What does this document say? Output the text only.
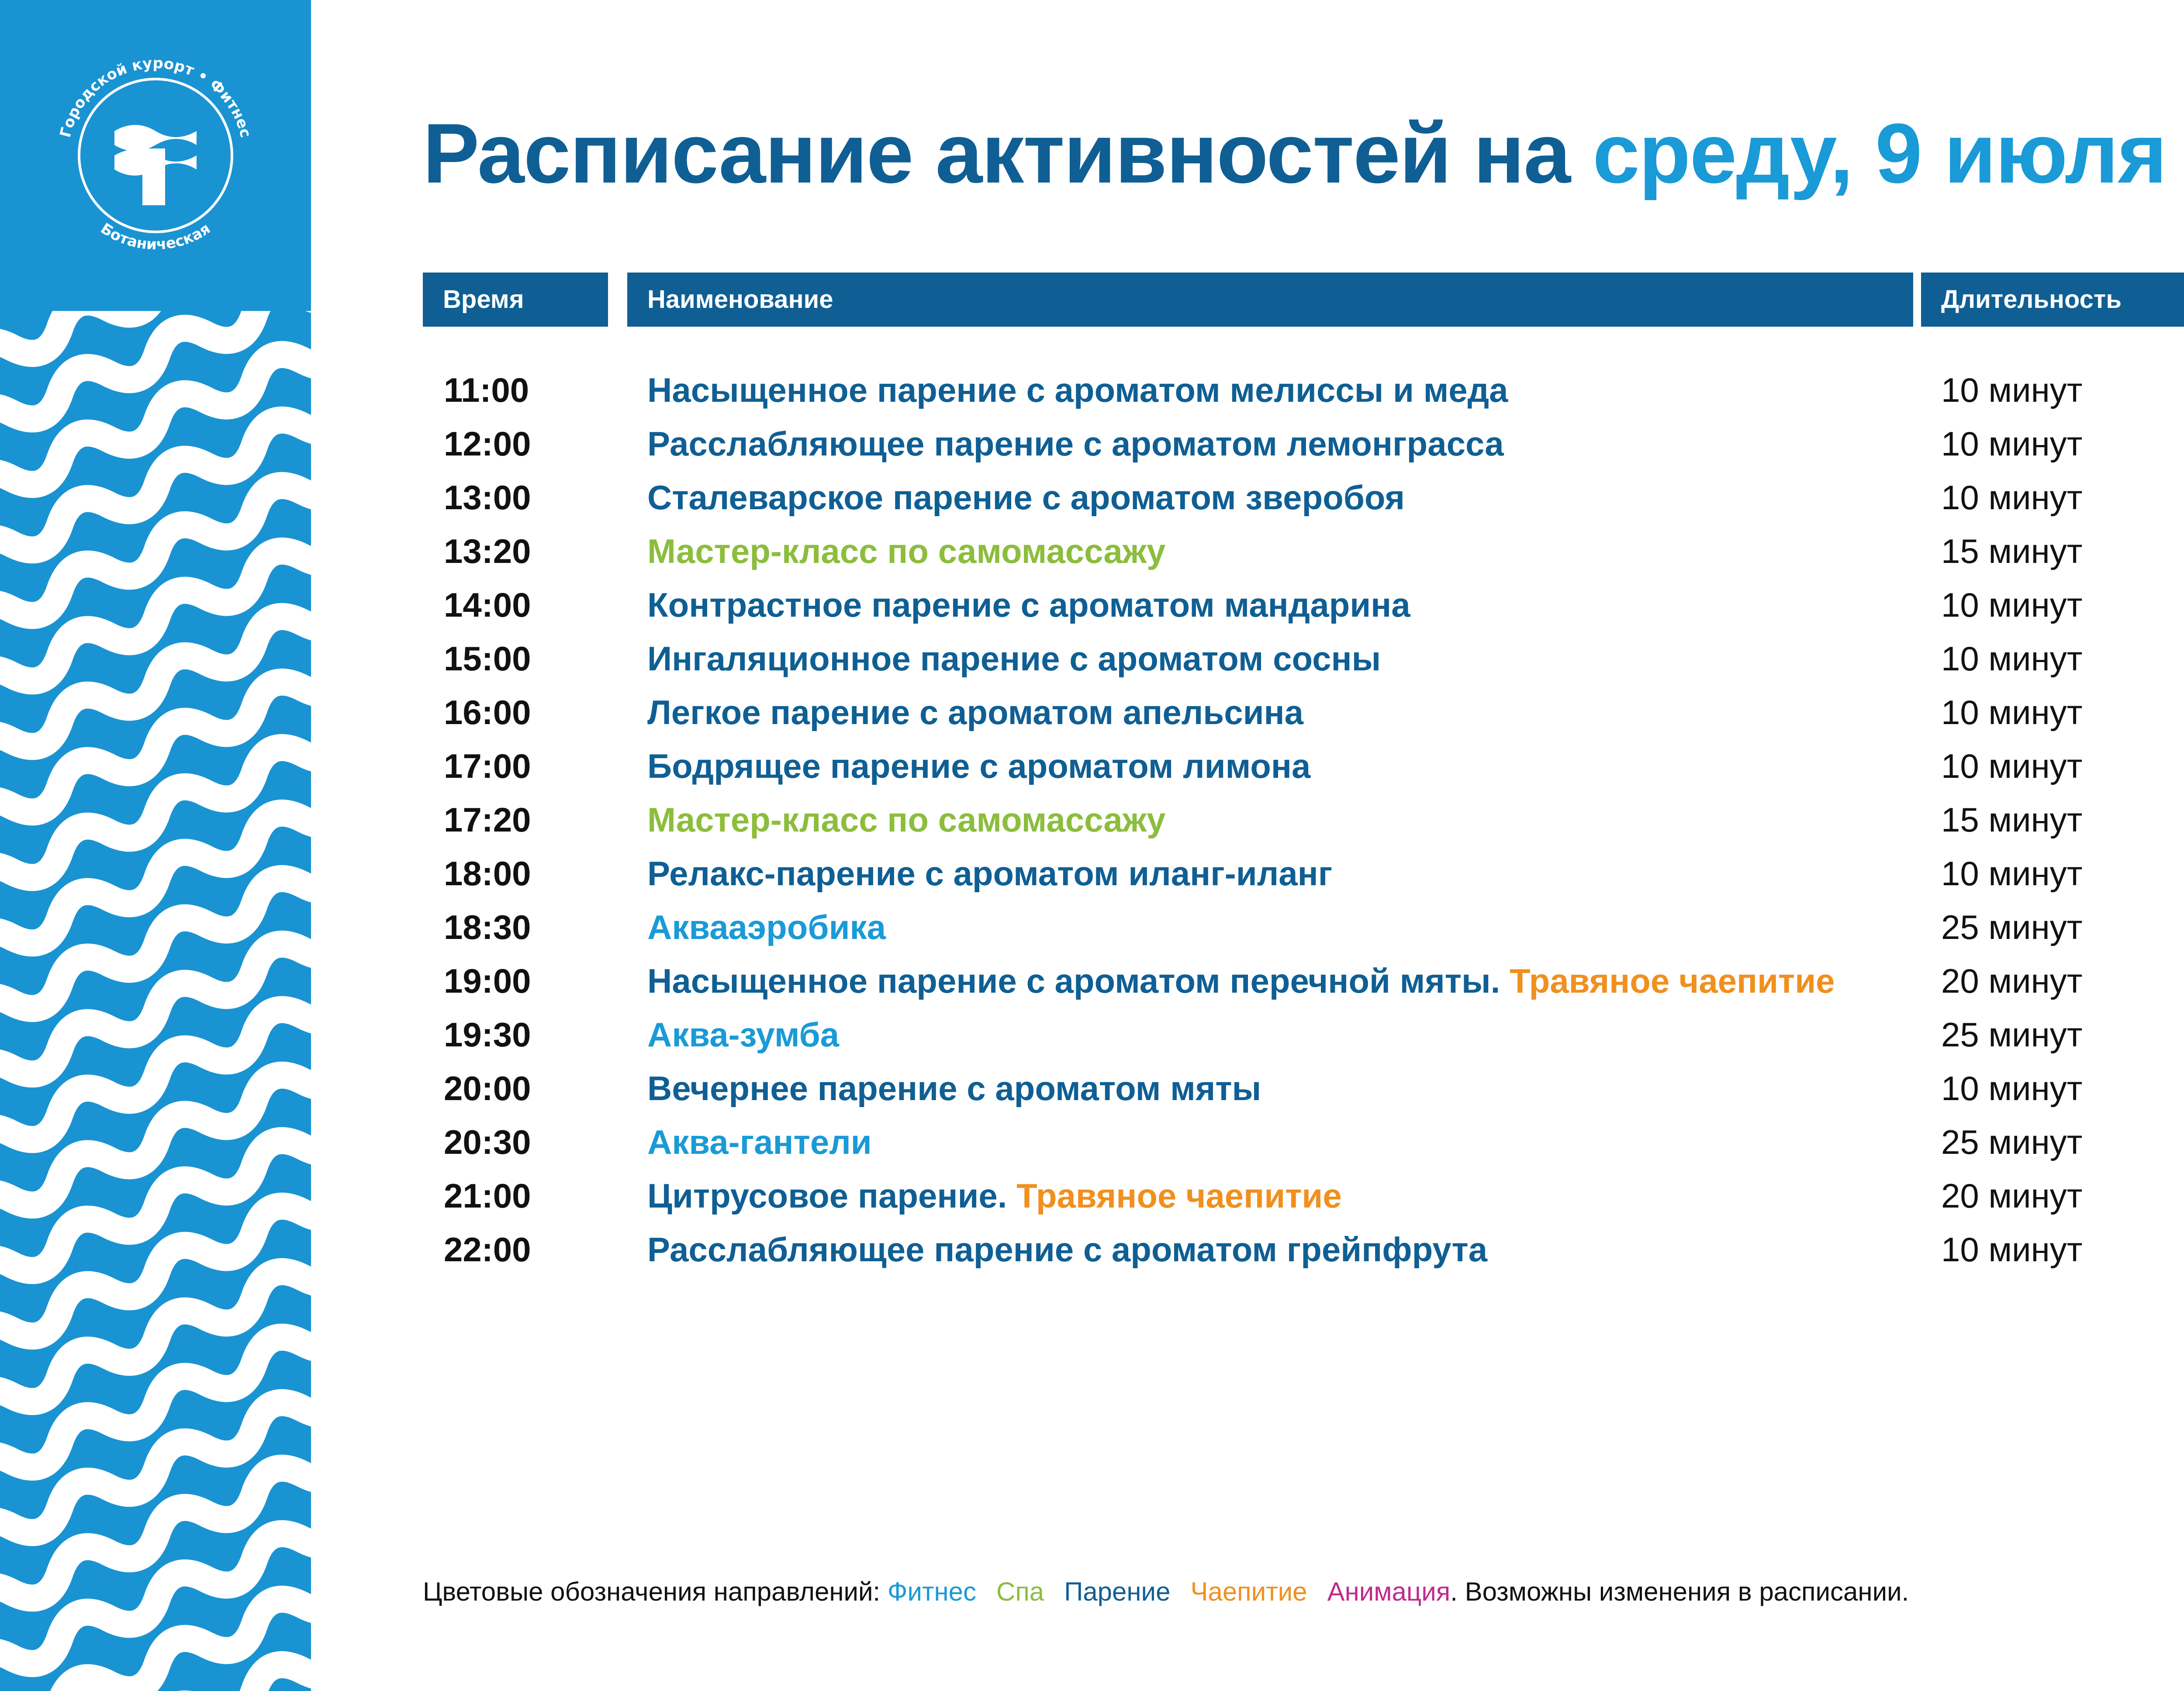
Городской курорт • Фитнес
Ботаническая
Расписание активностей на среду, 9 июля
Время	Наименование	Длительность
11:00	Насыщенное парение с ароматом мелиссы и меда	10 минут
12:00	Расслабляющее парение с ароматом лемонграсса	10 минут
13:00	Сталеварское парение с ароматом зверобоя	10 минут
13:20	Мастер-класс по самомассажу	15 минут
14:00	Контрастное парение с ароматом мандарина	10 минут
15:00	Ингаляционное парение с ароматом сосны	10 минут
16:00	Легкое парение с ароматом апельсина	10 минут
17:00	Бодрящее парение с ароматом лимона	10 минут
17:20	Мастер-класс по самомассажу	15 минут
18:00	Релакс-парение с ароматом иланг-иланг	10 минут
18:30	Аквааэробика	25 минут
19:00	Насыщенное парение с ароматом перечной мяты. Травяное чаепитие	20 минут
19:30	Аква-зумба	25 минут
20:00	Вечернее парение с ароматом мяты	10 минут
20:30	Аква-гантели	25 минут
21:00	Цитрусовое парение. Травяное чаепитие	20 минут
22:00	Расслабляющее парение с ароматом грейпфрута	10 минут
Цветовые обозначения направлений: Фитнес Спа Парение Чаепитие Анимация. Возможны изменения в расписании.
